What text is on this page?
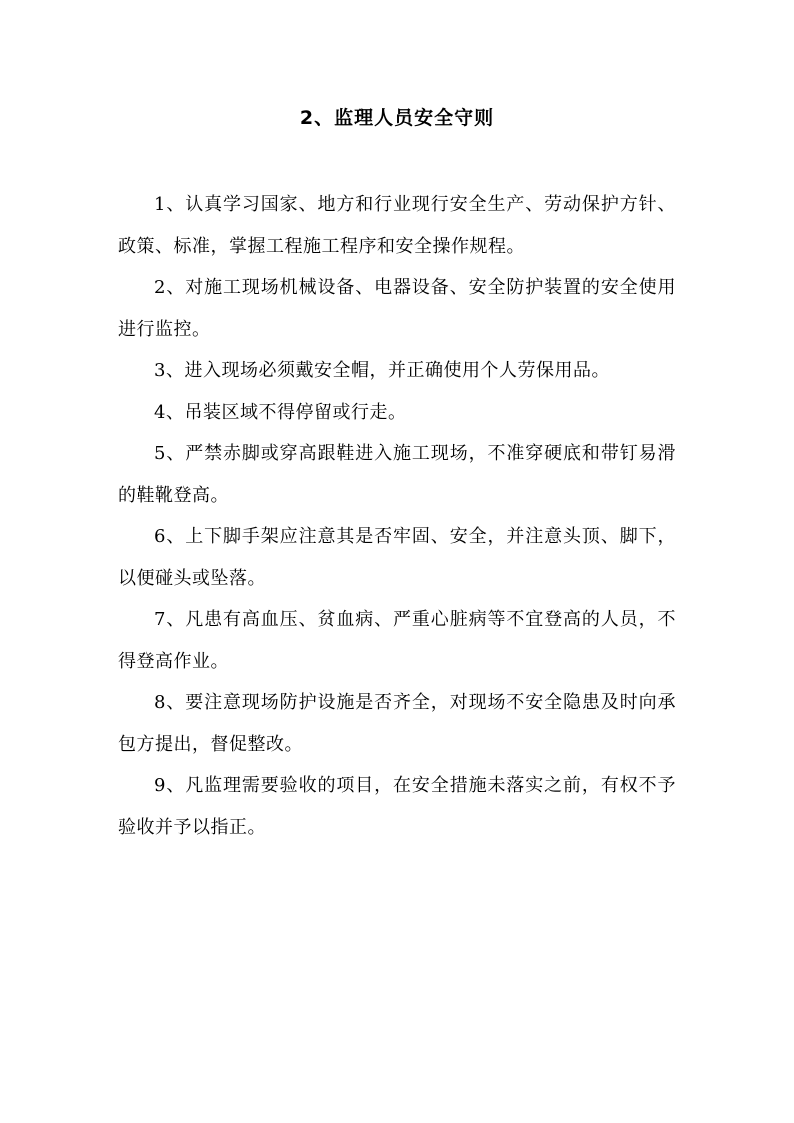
2、监理人员安全守则

1、认真学习国家、地方和行业现行安全生产、劳动保护方针、政策、标准，掌握工程施工程序和安全操作规程。

2、对施工现场机械设备、电器设备、安全防护装置的安全使用进行监控。

3、进入现场必须戴安全帽，并正确使用个人劳保用品。

4、吊装区域不得停留或行走。

5、严禁赤脚或穿高跟鞋进入施工现场，不准穿硬底和带钉易滑的鞋靴登高。

6、上下脚手架应注意其是否牢固、安全，并注意头顶、脚下，以便碰头或坠落。

7、凡患有高血压、贫血病、严重心脏病等不宜登高的人员，不得登高作业。

8、要注意现场防护设施是否齐全，对现场不安全隐患及时向承包方提出，督促整改。

9、凡监理需要验收的项目，在安全措施未落实之前，有权不予验收并予以指正。
